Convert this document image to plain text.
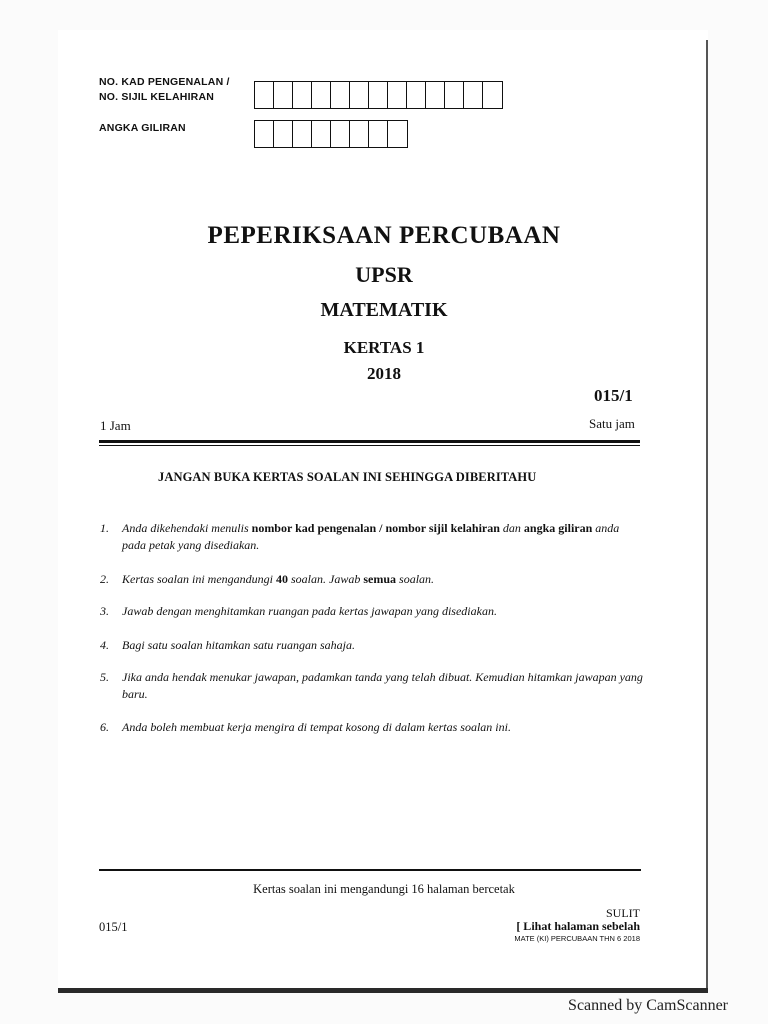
NO. KAD PENGENALAN /
NO. SIJIL KELAHIRAN
ANGKA GILIRAN
PEPERIKSAAN PERCUBAAN
UPSR
MATEMATIK
KERTAS 1
2018
015/1
1 Jam	Satu jam
JANGAN BUKA KERTAS SOALAN INI SEHINGGA DIBERITAHU
1. Anda dikehendaki menulis nombor kad pengenalan / nombor sijil kelahiran dan angka giliran anda pada petak yang disediakan.
2. Kertas soalan ini mengandungi 40 soalan. Jawab semua soalan.
3. Jawab dengan menghitamkan ruangan pada kertas jawapan yang disediakan.
4. Bagi satu soalan hitamkan satu ruangan sahaja.
5. Jika anda hendak menukar jawapan, padamkan tanda yang telah dibuat. Kemudian hitamkan jawapan yang baru.
6. Anda boleh membuat kerja mengira di tempat kosong di dalam kertas soalan ini.
Kertas soalan ini mengandungi 16 halaman bercetak
015/1
SULIT
[ Lihat halaman sebelah
MATE (KI) PERCUBAAN THN 6 2018
Scanned by CamScanner
